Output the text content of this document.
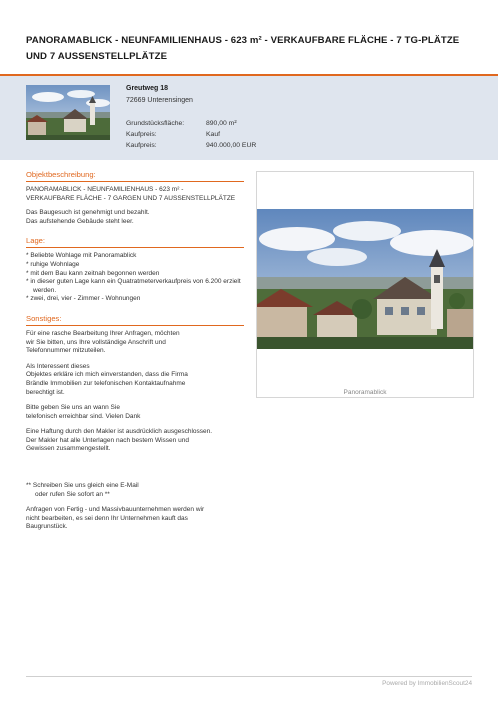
PANORAMABLICK - NEUNFAMILIENHAUS - 623 m² - VERKAUFBARE FLÄCHE - 7 TG-PLÄTZE UND 7 AUSSENSTELLPLÄTZE
Greutweg 18
72669 Unterensingen
Grundstücksfläche:	890,00 m²
Kaufpreis:	Kauf
Kaufpreis:	940.000,00 EUR
Objektbeschreibung:

PANORAMABLICK - NEUNFAMILIENHAUS - 623 m² -

VERKAUFBARE FLÄCHE - 7 GARGEN UND 7 AUSSENSTELLPLÄTZE

Das Baugesuch ist genehmigt und bezahlt.

Das aufstehende Gebäude steht leer.

Lage:
* Beliebte Wohlage mit Panoramablick
* ruhige Wohnlage
* mit dem Bau kann zeitnah begonnen werden
* in dieser guten Lage kann ein Quatratmeterverkaufpreis von 6.200 erzielt werden.
* zwei, drei, vier - Zimmer - Wohnungen
Sonstiges:

Für eine rasche Bearbeitung Ihrer Anfragen, möchten

wir Sie bitten, uns Ihre vollständige Anschrift und

Telefonnummer mitzuteilen.

Als Interessent dieses

Objektes erkläre ich mich einverstanden, dass die Firma

Brändle Immobilien zur telefonischen Kontaktaufnahme

berechtigt ist.

Bitte geben Sie uns an wann Sie

telefonisch erreichbar sind. Vielen Dank

Eine Haftung durch den Makler ist ausdrücklich ausgeschlossen.

Der Makler hat alle Unterlagen nach bestem Wissen und

Gewissen zusammengestellt.

** Schreiben Sie uns gleich eine E-Mail

oder rufen Sie sofort an **

Anfragen von Fertig - und Massivbauunternehmen werden wir

nicht bearbeiten, es sei denn Ihr Unternehmen kauft das

Baugrunstück.

Panoramablick
Powered by ImmobilienScout24
